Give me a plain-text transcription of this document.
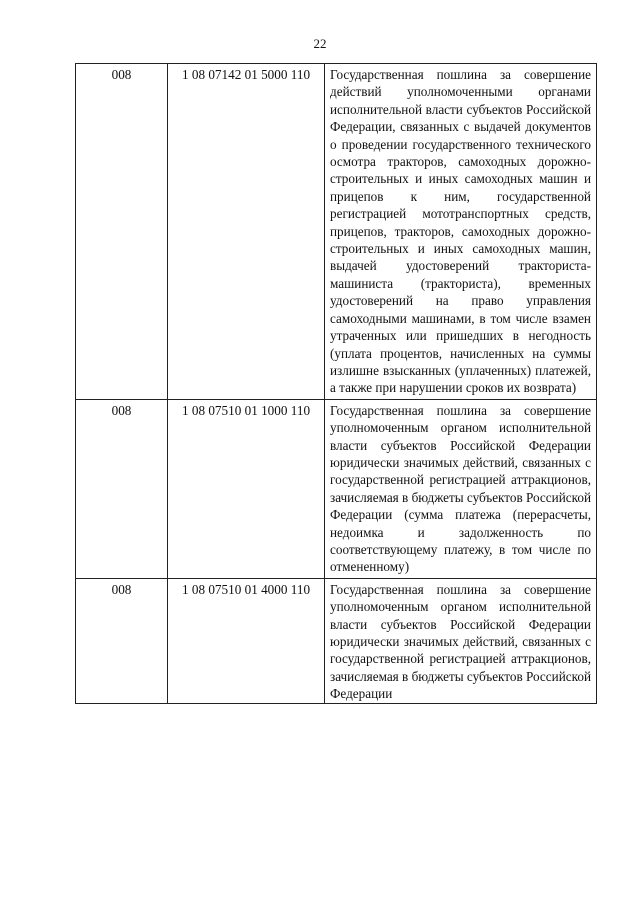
22
008	1 08 07142 01 5000 110	Государственная пошлина за совершение действий уполномоченными органами исполнительной власти субъектов Российской Федерации, связанных с выдачей документов о проведении государственного технического осмотра тракторов, самоходных дорожно-строительных и иных самоходных машин и прицепов к ним, государственной регистрацией мототранспортных средств, прицепов, тракторов, самоходных дорожно-строительных и иных самоходных машин, выдачей удостоверений тракториста-машиниста (тракториста), временных удостоверений на право управления самоходными машинами, в том числе взамен утраченных или пришедших в негодность (уплата процентов, начисленных на суммы излишне взысканных (уплаченных) платежей, а также при нарушении сроков их возврата)

008	1 08 07510 01 1000 110	Государственная пошлина за совершение уполномоченным органом исполнительной власти субъектов Российской Федерации юридически значимых действий, связанных с государственной регистрацией аттракционов, зачисляемая в бюджеты субъектов Российской Федерации (сумма платежа (перерасчеты, недоимка и задолженность по соответствующему платежу, в том числе по отмененному)

008	1 08 07510 01 4000 110	Государственная пошлина за совершение уполномоченным органом исполнительной власти субъектов Российской Федерации юридически значимых действий, связанных с государственной регистрацией аттракционов, зачисляемая в бюджеты субъектов Российской Федерации
